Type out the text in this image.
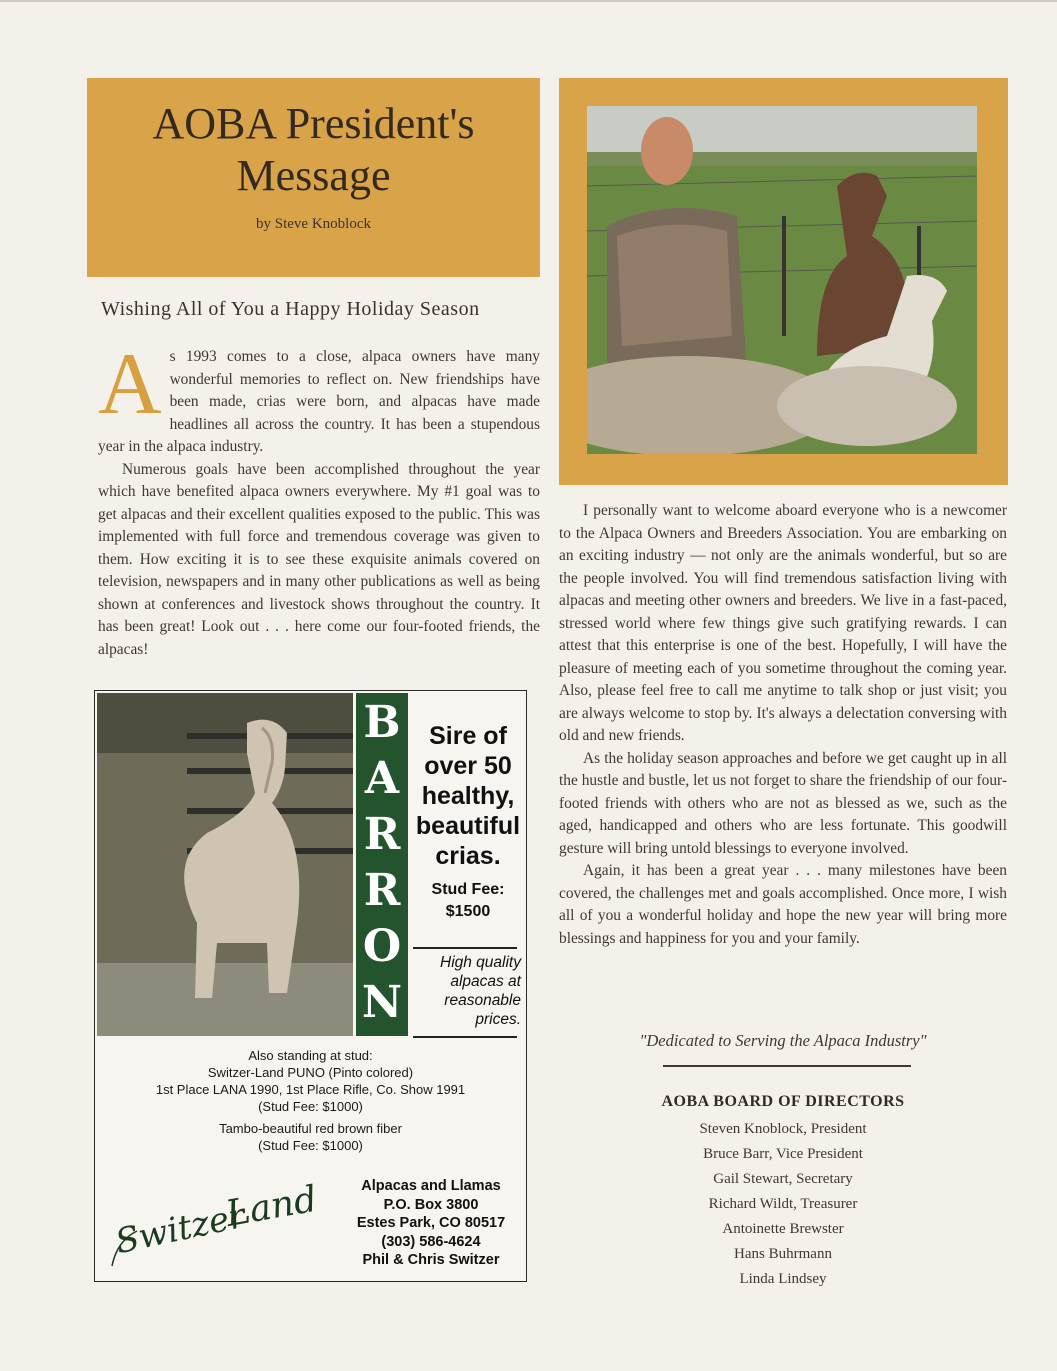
AOBA President's
Message
by Steve Knoblock
Wishing All of You a Happy Holiday Season

As 1993 comes to a close, alpaca owners have many wonderful memories to reflect on. New friendships have been made, crias were born, and alpacas have made headlines all across the country. It has been a stupendous year in the alpaca industry.

Numerous goals have been accomplished throughout the year which have benefited alpaca owners everywhere. My #1 goal was to get alpacas and their excellent qualities exposed to the public. This was implemented with full force and tremendous coverage was given to them. How exciting it is to see these exquisite animals covered on television, newspapers and in many other publications as well as being shown at conferences and livestock shows throughout the country. It has been great! Look out . . . here come our four-footed friends, the alpacas!

I personally want to welcome aboard everyone who is a newcomer to the Alpaca Owners and Breeders Association. You are embarking on an exciting industry — not only are the animals wonderful, but so are the people involved. You will find tremendous satisfaction living with alpacas and meeting other owners and breeders. We live in a fast-paced, stressed world where few things give such gratifying rewards. I can attest that this enterprise is one of the best. Hopefully, I will have the pleasure of meeting each of you sometime throughout the coming year. Also, please feel free to call me anytime to talk shop or just visit; you are always welcome to stop by. It's always a delectation conversing with old and new friends.

As the holiday season approaches and before we get caught up in all the hustle and bustle, let us not forget to share the friendship of our four-footed friends with others who are not as blessed as we, such as the aged, handicapped and others who are less fortunate. This goodwill gesture will bring untold blessings to everyone involved.

Again, it has been a great year . . . many milestones have been covered, the challenges met and goals accomplished. Once more, I wish all of you a wonderful holiday and hope the new year will bring more blessings and happiness for you and your family.

B
A
R
R
O
N
Sire of over 50 healthy, beautiful crias.
Stud Fee: $1500
High quality alpacas at reasonable prices.
Also standing at stud:
Switzer-Land PUNO (Pinto colored)
1st Place LANA 1990, 1st Place Rifle, Co. Show 1991
(Stud Fee: $1000)
Tambo-beautiful red brown fiber
(Stud Fee: $1000)
Switzer
Land	Alpacas and Llamas
P.O. Box 3800
Estes Park, CO 80517
(303) 586-4624
Phil & Chris Switzer
"Dedicated to Serving the Alpaca Industry"
AOBA BOARD OF DIRECTORS
Steven Knoblock, President
Bruce Barr, Vice President
Gail Stewart, Secretary
Richard Wildt, Treasurer
Antoinette Brewster
Hans Buhrmann
Linda Lindsey
